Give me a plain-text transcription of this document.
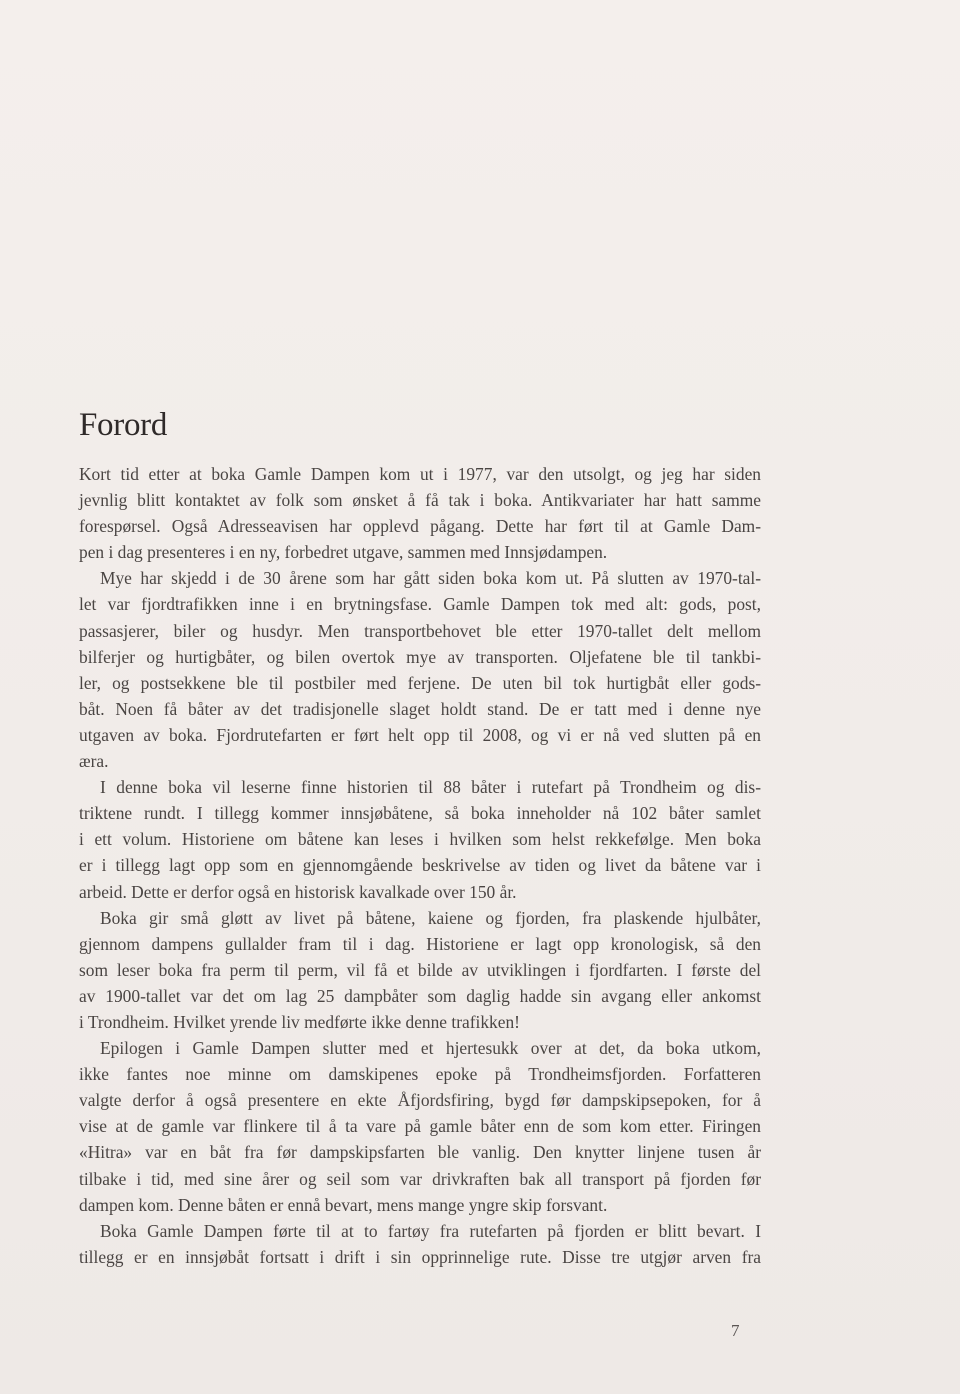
Forord
Kort tid etter at boka Gamle Dampen kom ut i 1977, var den utsolgt, og jeg har siden
jevnlig blitt kontaktet av folk som ønsket å få tak i boka. Antikvariater har hatt samme
forespørsel. Også Adresseavisen har opplevd pågang. Dette har ført til at Gamle Dam-
pen i dag presenteres i en ny, forbedret utgave, sammen med Innsjødampen.
Mye har skjedd i de 30 årene som har gått siden boka kom ut. På slutten av 1970-tal-
let var fjordtrafikken inne i en brytningsfase. Gamle Dampen tok med alt: gods, post,
passasjerer, biler og husdyr. Men transportbehovet ble etter 1970-tallet delt mellom
bilferjer og hurtigbåter, og bilen overtok mye av transporten. Oljefatene ble til tankbi-
ler, og postsekkene ble til postbiler med ferjene. De uten bil tok hurtigbåt eller gods-
båt. Noen få båter av det tradisjonelle slaget holdt stand. De er tatt med i denne nye
utgaven av boka. Fjordrutefarten er ført helt opp til 2008, og vi er nå ved slutten på en
æra.
I denne boka vil leserne finne historien til 88 båter i rutefart på Trondheim og dis-
triktene rundt. I tillegg kommer innsjøbåtene, så boka inneholder nå 102 båter samlet
i ett volum. Historiene om båtene kan leses i hvilken som helst rekkefølge. Men boka
er i tillegg lagt opp som en gjennomgående beskrivelse av tiden og livet da båtene var i
arbeid. Dette er derfor også en historisk kavalkade over 150 år.
Boka gir små gløtt av livet på båtene, kaiene og fjorden, fra plaskende hjulbåter,
gjennom dampens gullalder fram til i dag. Historiene er lagt opp kronologisk, så den
som leser boka fra perm til perm, vil få et bilde av utviklingen i fjordfarten. I første del
av 1900-tallet var det om lag 25 dampbåter som daglig hadde sin avgang eller ankomst
i Trondheim. Hvilket yrende liv medførte ikke denne trafikken!
Epilogen i Gamle Dampen slutter med et hjertesukk over at det, da boka utkom,
ikke fantes noe minne om damskipenes epoke på Trondheimsfjorden. Forfatteren
valgte derfor å også presentere en ekte Åfjordsfiring, bygd før dampskipsepoken, for å
vise at de gamle var flinkere til å ta vare på gamle båter enn de som kom etter. Firingen
«Hitra» var en båt fra før dampskipsfarten ble vanlig. Den knytter linjene tusen år
tilbake i tid, med sine årer og seil som var drivkraften bak all transport på fjorden før
dampen kom. Denne båten er ennå bevart, mens mange yngre skip forsvant.
Boka Gamle Dampen førte til at to fartøy fra rutefarten på fjorden er blitt bevart. I
tillegg er en innsjøbåt fortsatt i drift i sin opprinnelige rute. Disse tre utgjør arven fra
7
